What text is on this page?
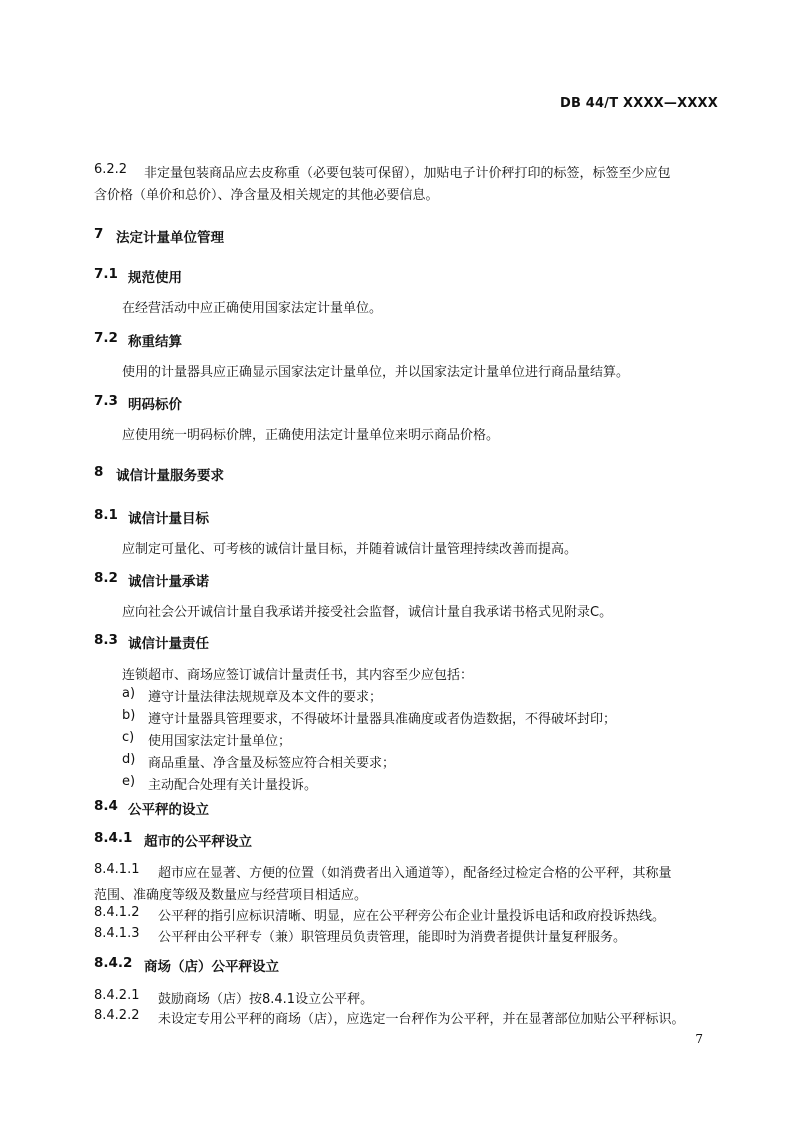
DB 44/T XXXX—XXXX
6.2.2 非定量包装商品应去皮称重（必要包装可保留），加贴电子计价秤打印的标签，标签至少应包
含价格（单价和总价）、净含量及相关规定的其他必要信息。
7 法定计量单位管理
7.1 规范使用
在经营活动中应正确使用国家法定计量单位。
7.2 称重结算
使用的计量器具应正确显示国家法定计量单位，并以国家法定计量单位进行商品量结算。
7.3 明码标价
应使用统一明码标价牌，正确使用法定计量单位来明示商品价格。
8 诚信计量服务要求
8.1 诚信计量目标
应制定可量化、可考核的诚信计量目标，并随着诚信计量管理持续改善而提高。
8.2 诚信计量承诺
应向社会公开诚信计量自我承诺并接受社会监督，诚信计量自我承诺书格式见附录C。
8.3 诚信计量责任
连锁超市、商场应签订诚信计量责任书，其内容至少应包括：
a) 遵守计量法律法规规章及本文件的要求；
b) 遵守计量器具管理要求，不得破坏计量器具准确度或者伪造数据，不得破坏封印；
c) 使用国家法定计量单位；
d) 商品重量、净含量及标签应符合相关要求；
e) 主动配合处理有关计量投诉。
8.4 公平秤的设立
8.4.1 超市的公平秤设立
8.4.1.1 超市应在显著、方便的位置（如消费者出入通道等），配备经过检定合格的公平秤，其称量
范围、准确度等级及数量应与经营项目相适应。
8.4.1.2 公平秤的指引应标识清晰、明显，应在公平秤旁公布企业计量投诉电话和政府投诉热线。
8.4.1.3 公平秤由公平秤专（兼）职管理员负责管理，能即时为消费者提供计量复秤服务。
8.4.2 商场（店）公平秤设立
8.4.2.1 鼓励商场（店）按8.4.1设立公平秤。
8.4.2.2 未设定专用公平秤的商场（店），应选定一台秤作为公平秤，并在显著部位加贴公平秤标识。
7
